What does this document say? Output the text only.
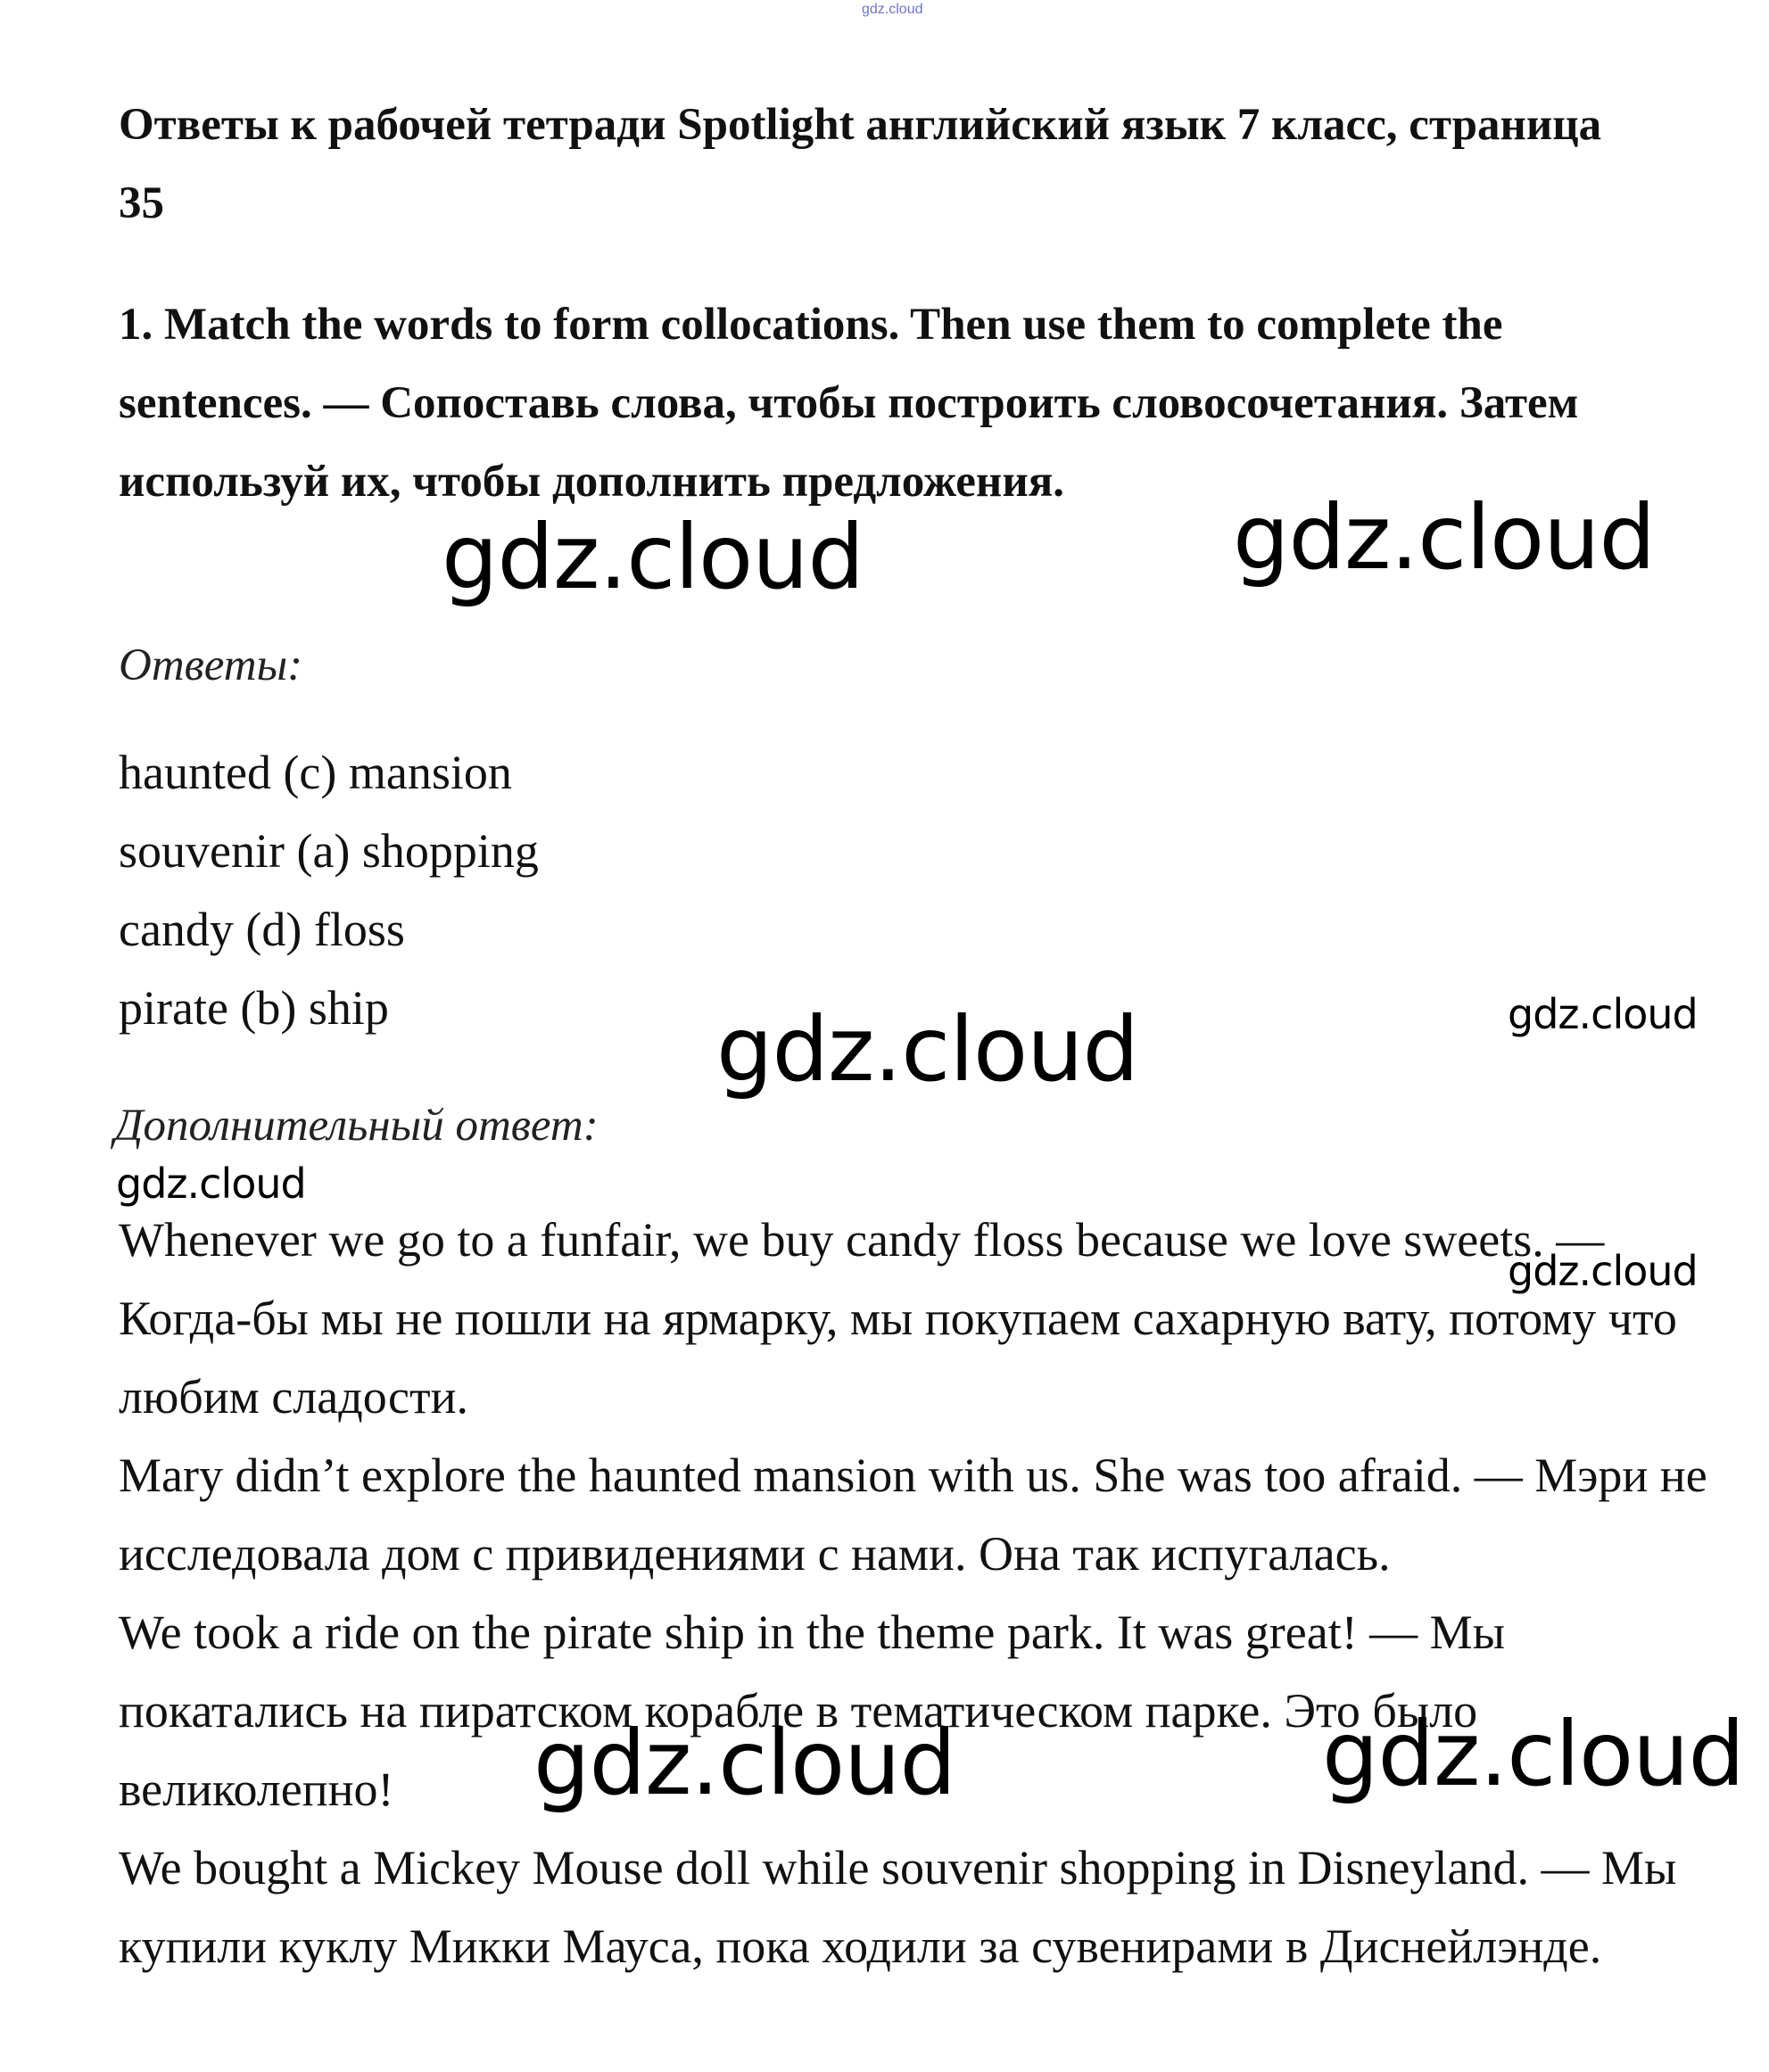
gdz.cloud
Ответы к рабочей тетради Spotlight английский язык 7 класс, страница 35
1. Match the words to form collocations. Then use them to complete the sentences. — Сопоставь слова, чтобы построить словосочетания. Затем используй их, чтобы дополнить предложения.
Ответы:
haunted (c) mansion
souvenir (a) shopping
candy (d) floss
pirate (b) ship
Дополнительный ответ:

Whenever we go to a funfair, we buy candy floss because we love sweets. — Когда-бы мы не пошли на ярмарку, мы покупаем сахарную вату, потому что любим сладости.

Mary didn’t explore the haunted mansion with us. She was too afraid. — Мэри не исследовала дом с привидениями с нами. Она так испугалась.

We took a ride on the pirate ship in the theme park. It was great! — Мы покатались на пиратском корабле в тематическом парке. Это было великолепно!

We bought a Mickey Mouse doll while souvenir shopping in Disneyland. — Мы купили куклу Микки Мауса, пока ходили за сувенирами в Диснейлэнде.

gdz.cloud	gdz.cloud
gdz.cloud
gdz.cloud
gdz.cloud
gdz.cloud
gdz.cloud	gdz.cloud
